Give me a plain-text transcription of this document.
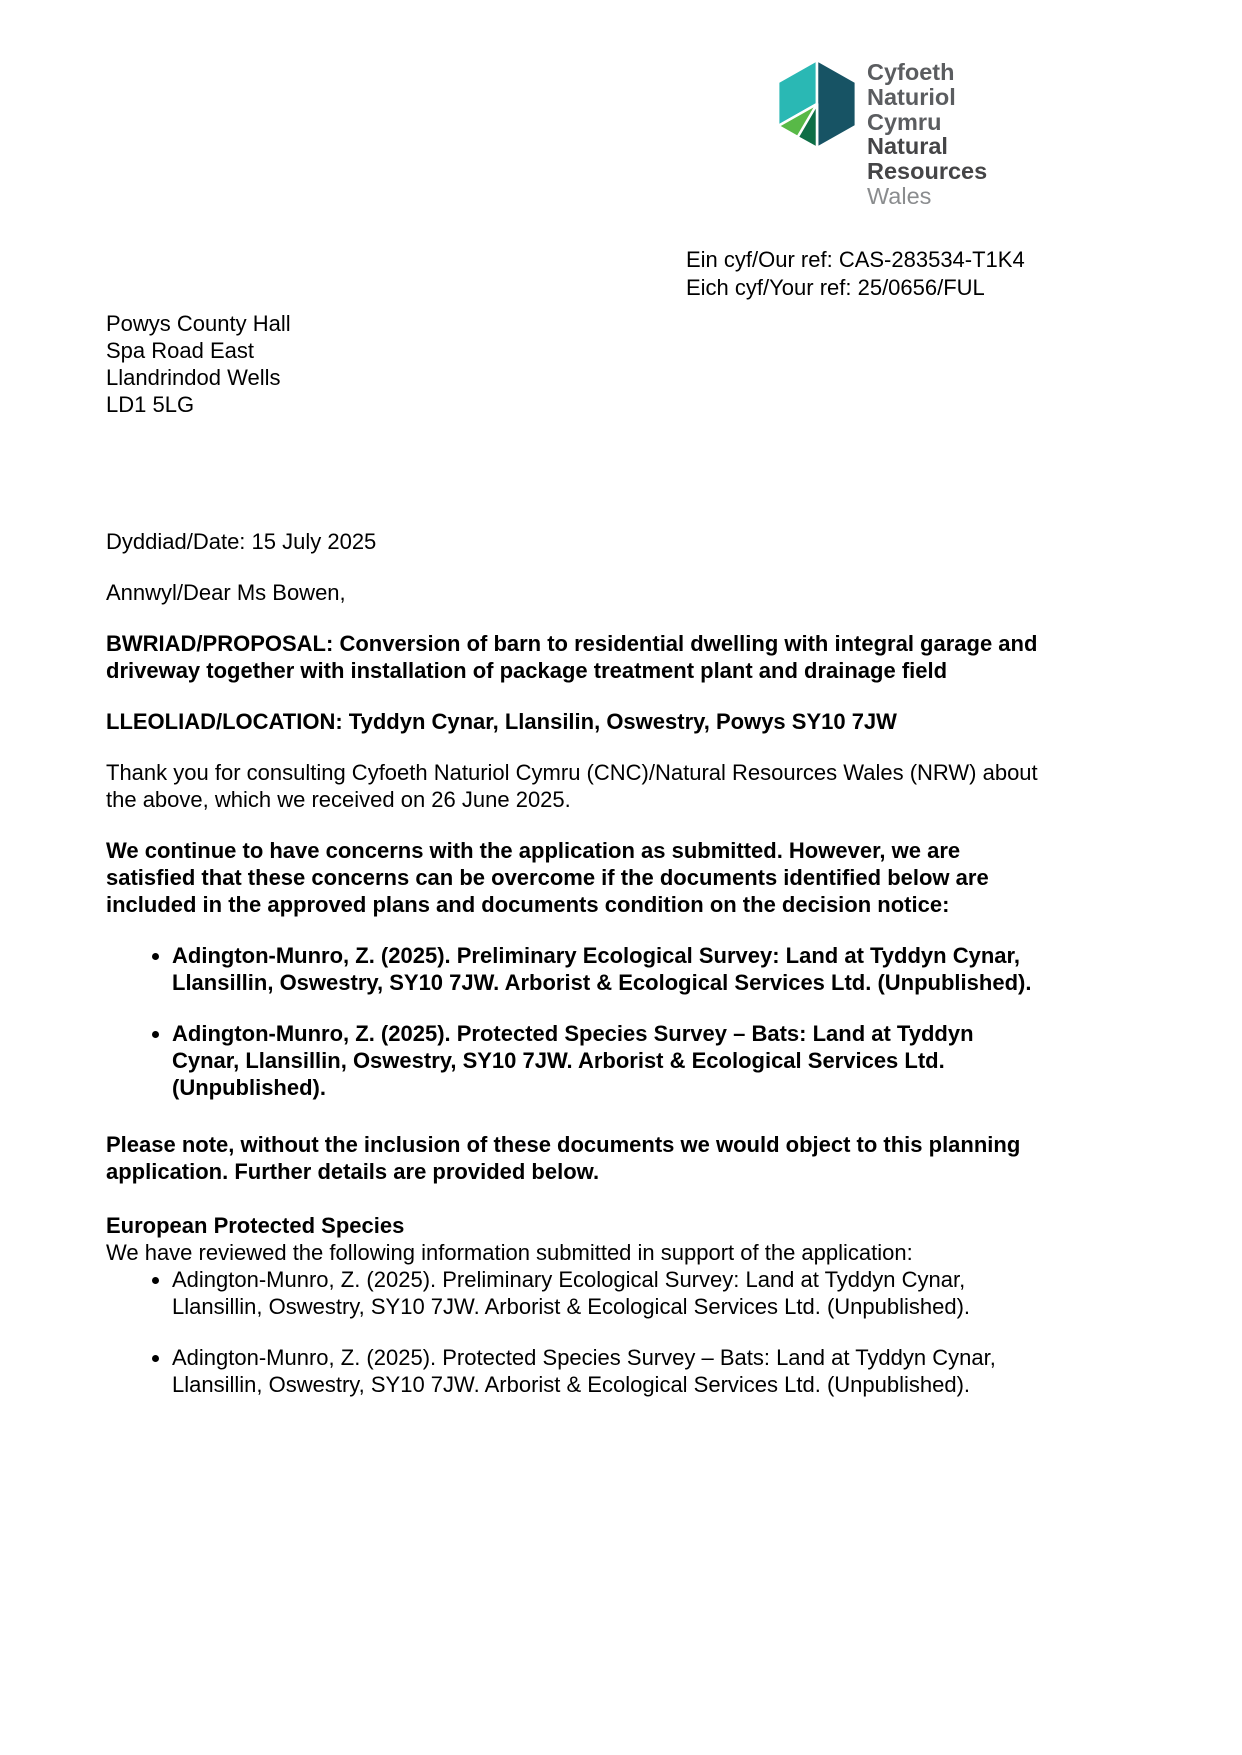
Cyfoeth
Naturiol
Cymru
Natural
Resources
Wales
Ein cyf/Our ref: CAS-283534-T1K4
Eich cyf/Your ref: 25/0656/FUL
Powys County Hall
Spa Road East
Llandrindod Wells
LD1 5LG

Dyddiad/Date: 15 July 2025

Annwyl/Dear Ms Bowen,

BWRIAD/PROPOSAL: Conversion of barn to residential dwelling with integral garage and driveway together with installation of package treatment plant and drainage field

LLEOLIAD/LOCATION: Tyddyn Cynar, Llansilin, Oswestry, Powys SY10 7JW

Thank you for consulting Cyfoeth Naturiol Cymru (CNC)/Natural Resources Wales (NRW) about the above, which we received on 26 June 2025.

We continue to have concerns with the application as submitted. However, we are satisfied that these concerns can be overcome if the documents identified below are included in the approved plans and documents condition on the decision notice:

• Adington-Munro, Z. (2025). Preliminary Ecological Survey: Land at Tyddyn Cynar, Llansillin, Oswestry, SY10 7JW. Arborist & Ecological Services Ltd. (Unpublished).
• Adington-Munro, Z. (2025). Protected Species Survey – Bats: Land at Tyddyn Cynar, Llansillin, Oswestry, SY10 7JW. Arborist & Ecological Services Ltd. (Unpublished).

Please note, without the inclusion of these documents we would object to this planning application. Further details are provided below.

European Protected Species

We have reviewed the following information submitted in support of the application:

• Adington-Munro, Z. (2025). Preliminary Ecological Survey: Land at Tyddyn Cynar, Llansillin, Oswestry, SY10 7JW. Arborist & Ecological Services Ltd. (Unpublished).
• Adington-Munro, Z. (2025). Protected Species Survey – Bats: Land at Tyddyn Cynar, Llansillin, Oswestry, SY10 7JW. Arborist & Ecological Services Ltd. (Unpublished).
